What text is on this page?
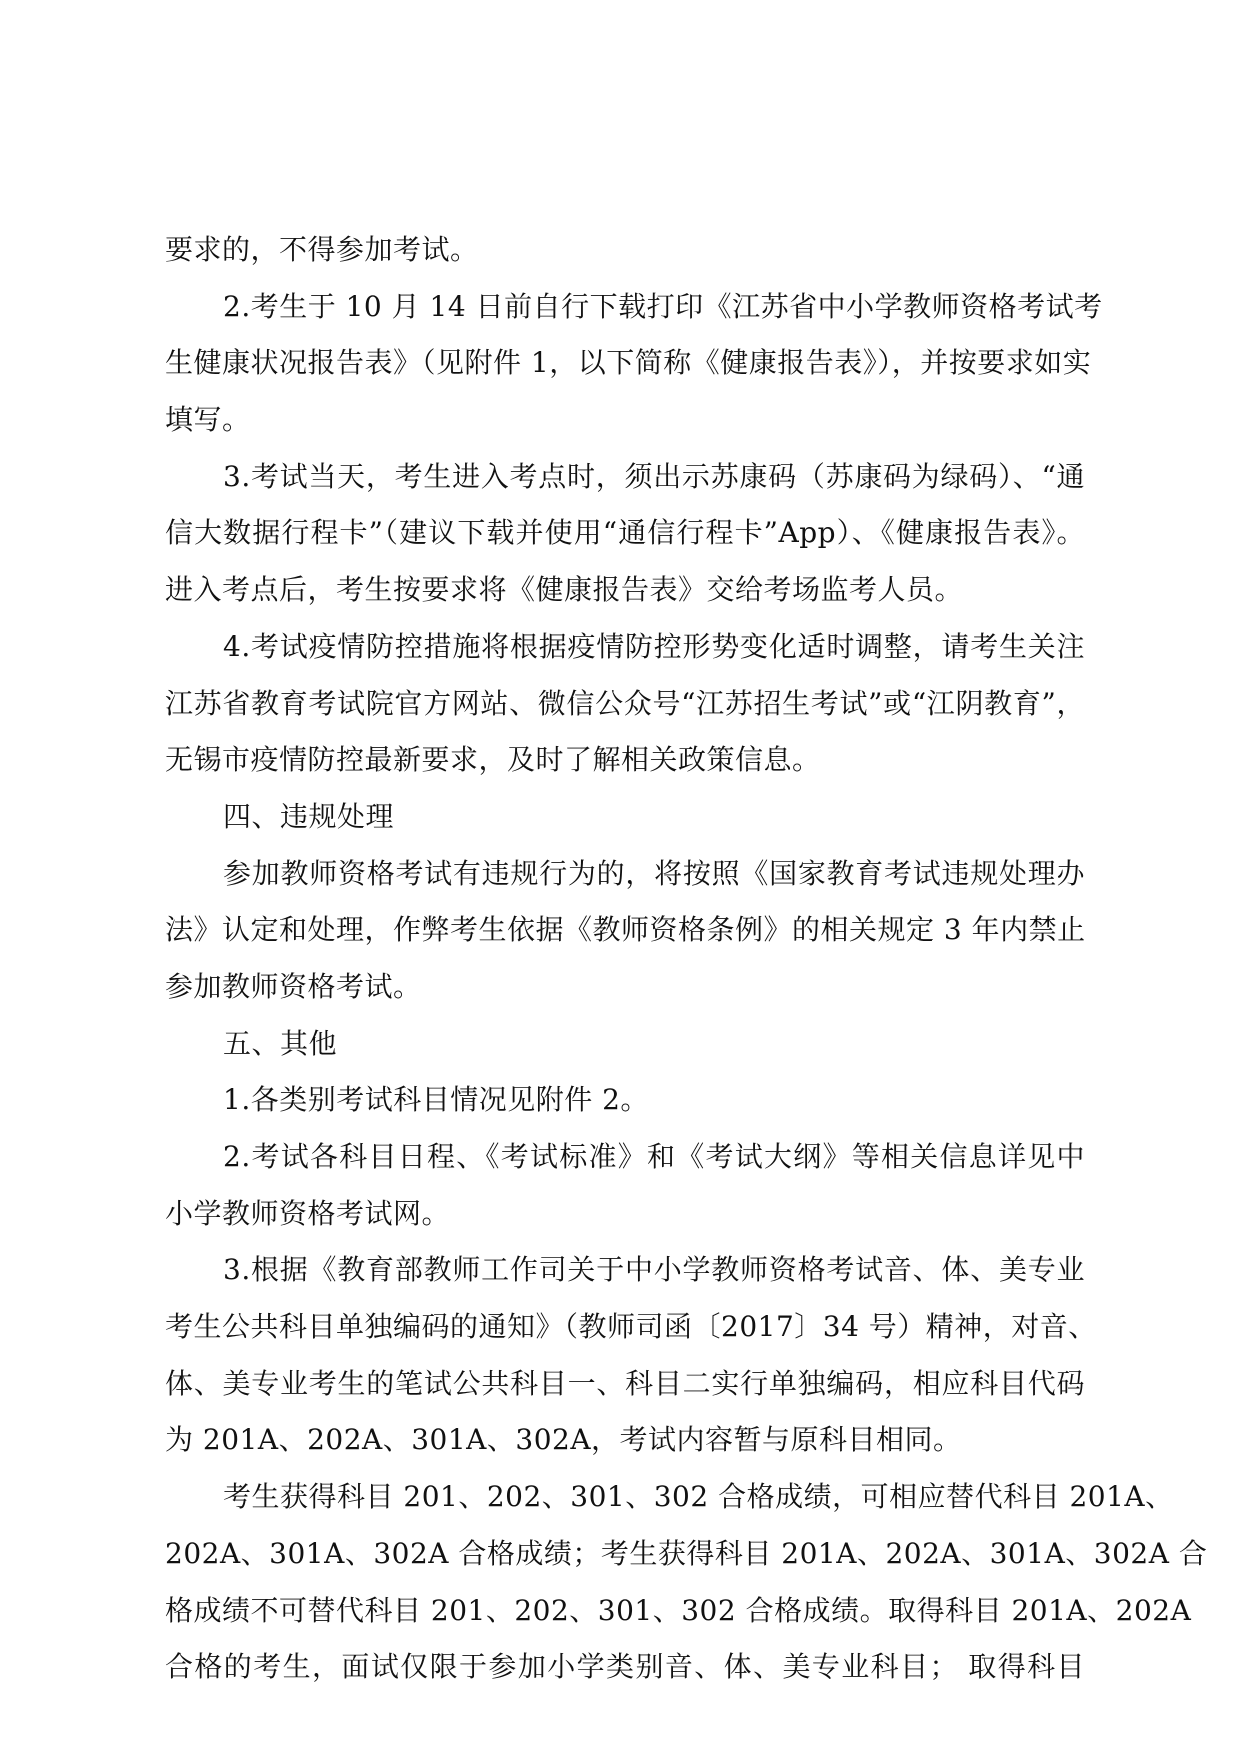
要求的，不得参加考试。
2.考生于 10 月 14 日前自行下载打印《江苏省中小学教师资格考试考
生健康状况报告表》（见附件 1，以下简称《健康报告表》），并按要求如实
填写。
3.考试当天，考生进入考点时，须出示苏康码（苏康码为绿码）、“通
信大数据行程卡”（建议下载并使用“通信行程卡”App）、《健康报告表》。
进入考点后，考生按要求将《健康报告表》交给考场监考人员。
4.考试疫情防控措施将根据疫情防控形势变化适时调整，请考生关注
江苏省教育考试院官方网站、微信公众号“江苏招生考试”或“江阴教育”，
无锡市疫情防控最新要求，及时了解相关政策信息。
四、违规处理
参加教师资格考试有违规行为的，将按照《国家教育考试违规处理办
法》认定和处理，作弊考生依据《教师资格条例》的相关规定 3 年内禁止
参加教师资格考试。
五、其他
1.各类别考试科目情况见附件 2。
2.考试各科目日程、《考试标准》和《考试大纲》等相关信息详见中
小学教师资格考试网。
3.根据《教育部教师工作司关于中小学教师资格考试音、体、美专业
考生公共科目单独编码的通知》（教师司函〔2017〕34 号）精神，对音、
体、美专业考生的笔试公共科目一、科目二实行单独编码，相应科目代码
为 201A、202A、301A、302A，考试内容暂与原科目相同。
考生获得科目 201、202、301、302 合格成绩，可相应替代科目 201A、
202A、301A、302A 合格成绩；考生获得科目 201A、202A、301A、302A 合
格成绩不可替代科目 201、202、301、302 合格成绩。取得科目 201A、202A
合格的考生，面试仅限于参加小学类别音、体、美专业科目； 取得科目
